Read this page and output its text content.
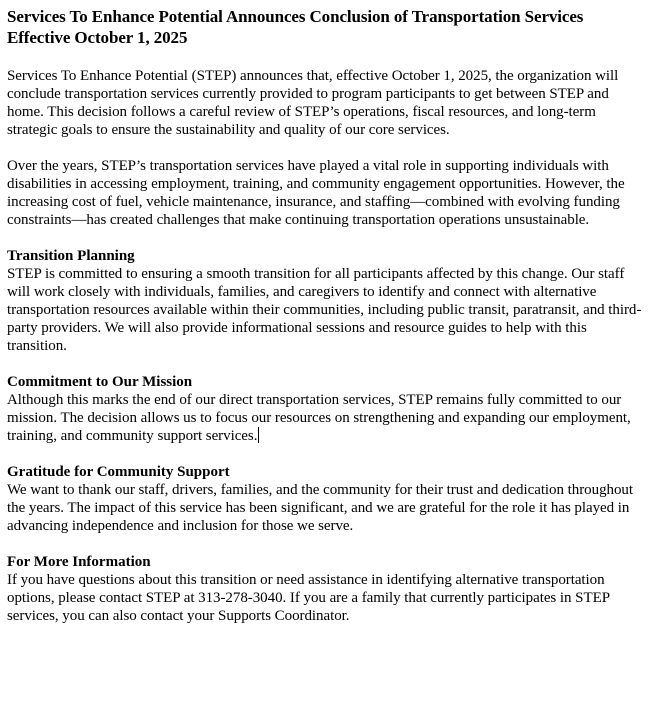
Services To Enhance Potential Announces Conclusion of Transportation Services Effective October 1, 2025

Services To Enhance Potential (STEP) announces that, effective October 1, 2025, the organization will conclude transportation services currently provided to program participants to get between STEP and home. This decision follows a careful review of STEP’s operations, fiscal resources, and long-term strategic goals to ensure the sustainability and quality of our core services.

Over the years, STEP’s transportation services have played a vital role in supporting individuals with disabilities in accessing employment, training, and community engagement opportunities. However, the increasing cost of fuel, vehicle maintenance, insurance, and staffing—combined with evolving funding constraints—has created challenges that make continuing transportation operations unsustainable.

Transition Planning

STEP is committed to ensuring a smooth transition for all participants affected by this change. Our staff will work closely with individuals, families, and caregivers to identify and connect with alternative transportation resources available within their communities, including public transit, paratransit, and third-party providers. We will also provide informational sessions and resource guides to help with this transition.

Commitment to Our Mission

Although this marks the end of our direct transportation services, STEP remains fully committed to our mission. The decision allows us to focus our resources on strengthening and expanding our employment, training, and community support services.

Gratitude for Community Support

We want to thank our staff, drivers, families, and the community for their trust and dedication throughout the years. The impact of this service has been significant, and we are grateful for the role it has played in advancing independence and inclusion for those we serve.

For More Information

If you have questions about this transition or need assistance in identifying alternative transportation options, please contact STEP at 313-278-3040. If you are a family that currently participates in STEP services, you can also contact your Supports Coordinator.
